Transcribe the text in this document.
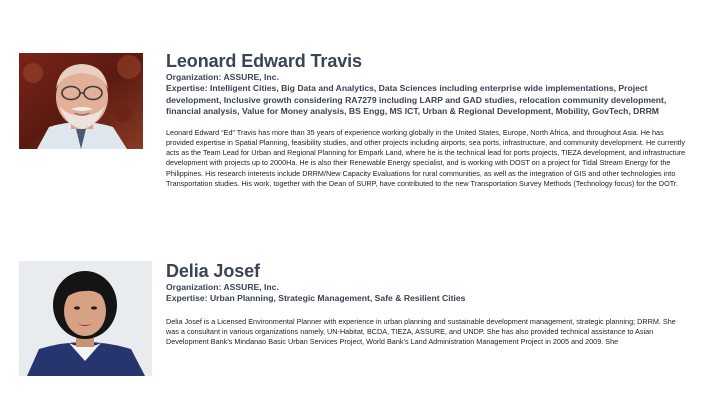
Leonard Edward Travis

Organization: ASSURE, Inc.

Expertise: Intelligent Cities, Big Data and Analytics, Data Sciences including enterprise wide implementations, Project development, Inclusive growth considering RA7279 including LARP and GAD studies, relocation community development, financial analysis, Value for Money analysis, BS Engg, MS ICT, Urban & Regional Development, Mobility, GovTech, DRRM

Leonard Edward “Ed” Travis has more than 35 years of experience working globally in the United States, Europe, North Africa, and throughout Asia. He has provided expertise in Spatial Planning, feasibility studies, and other projects including airports, sea ports, infrastructure, and community development. He currently acts as the Team Lead for Urban and Regional Planning for Empark Land, where he is the technical lead for ports projects, TIEZA development, and infrastructure development with projects up to 2000Ha. He is also their Renewable Energy specialist, and is working with DOST on a project for Tidal Stream Energy for the Philippines. His research interests include DRRM/New Capacity Evaluations for rural communities, as well as the integration of GIS and other technologies into Transportation studies. His work, together with the Dean of SURP, have contributed to the new Transportation Survey Methods (Technology focus) for the DOTr.

Delia Josef

Organization: ASSURE, Inc.

Expertise: Urban Planning, Strategic Management, Safe & Resilient Cities

Delia Josef is a Licensed Environmental Planner with experience in urban planning and sustainable development management, strategic planning; DRRM. She was a consultant in various organizations namely, UN-Habitat, BCDA, TIEZA, ASSURE, and UNDP. She has also provided technical assistance to Asian Development Bank’s Mindanao Basic Urban Services Project, World Bank’s Land Administration Management Project in 2005 and 2009. She
